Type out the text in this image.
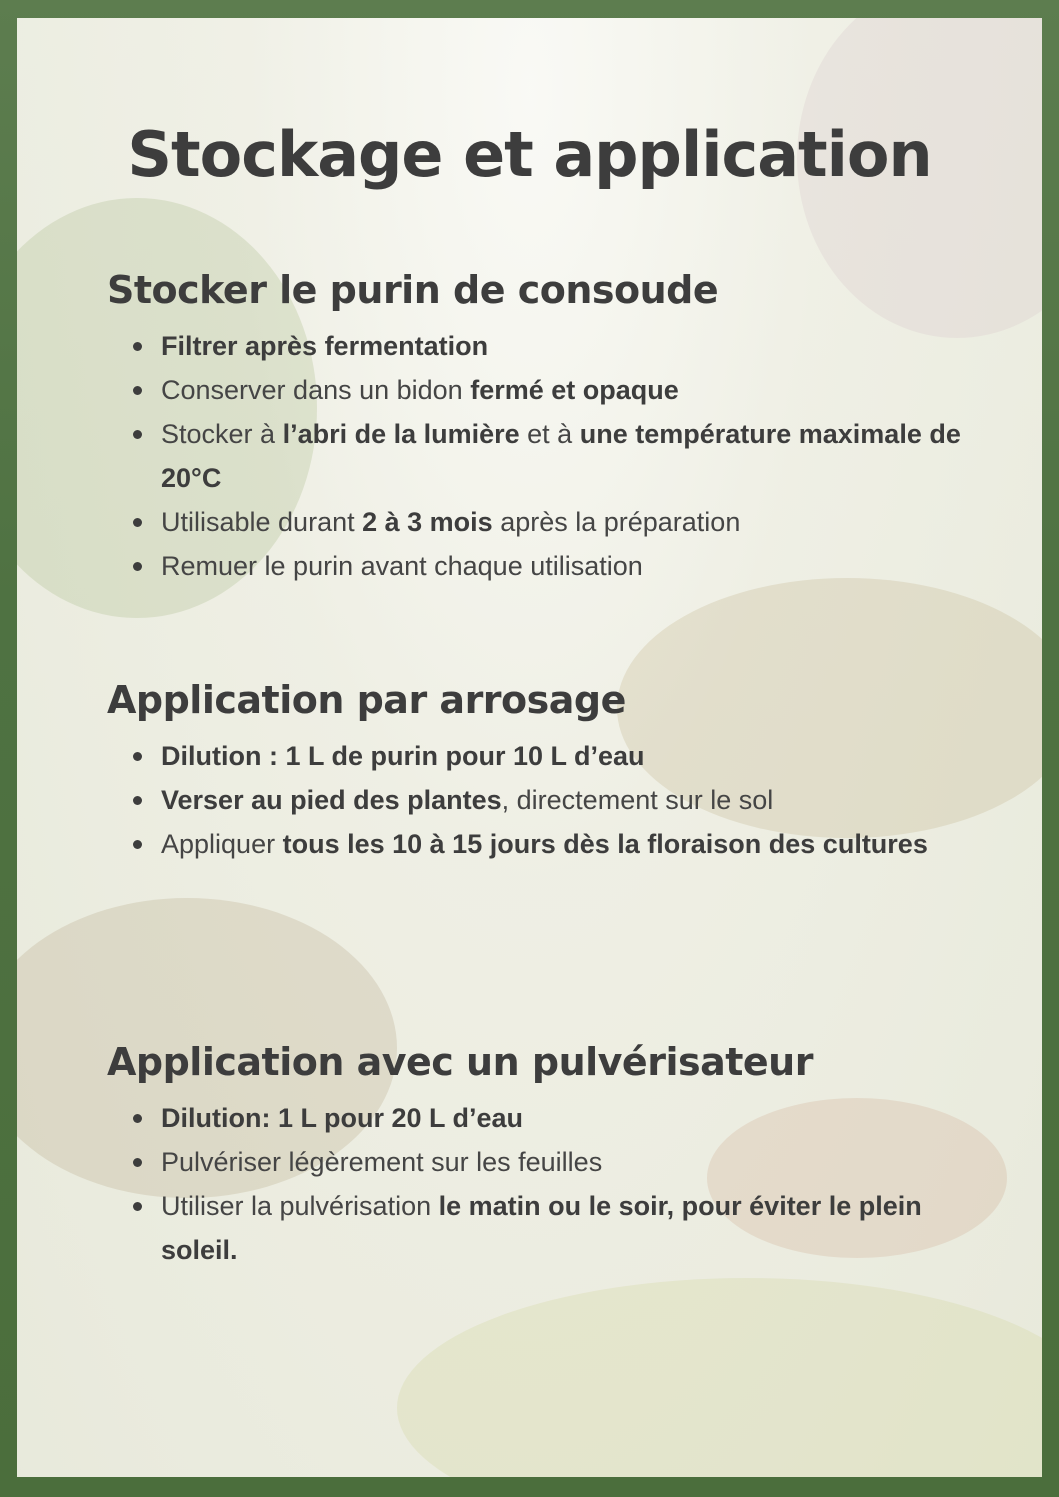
Stockage et application
Stocker le purin de consoude
Filtrer après fermentation
Conserver dans un bidon fermé et opaque
Stocker à l’abri de la lumière et à une température maximale de 20°C
Utilisable durant 2 à 3 mois après la préparation
Remuer le purin avant chaque utilisation
Application par arrosage
Dilution : 1 L de purin pour 10 L d’eau
Verser au pied des plantes, directement sur le sol
Appliquer tous les 10 à 15 jours dès la floraison des cultures
Application avec un pulvérisateur
Dilution: 1 L pour 20 L d’eau
Pulvériser légèrement sur les feuilles
Utiliser la pulvérisation le matin ou le soir, pour éviter le plein soleil.
